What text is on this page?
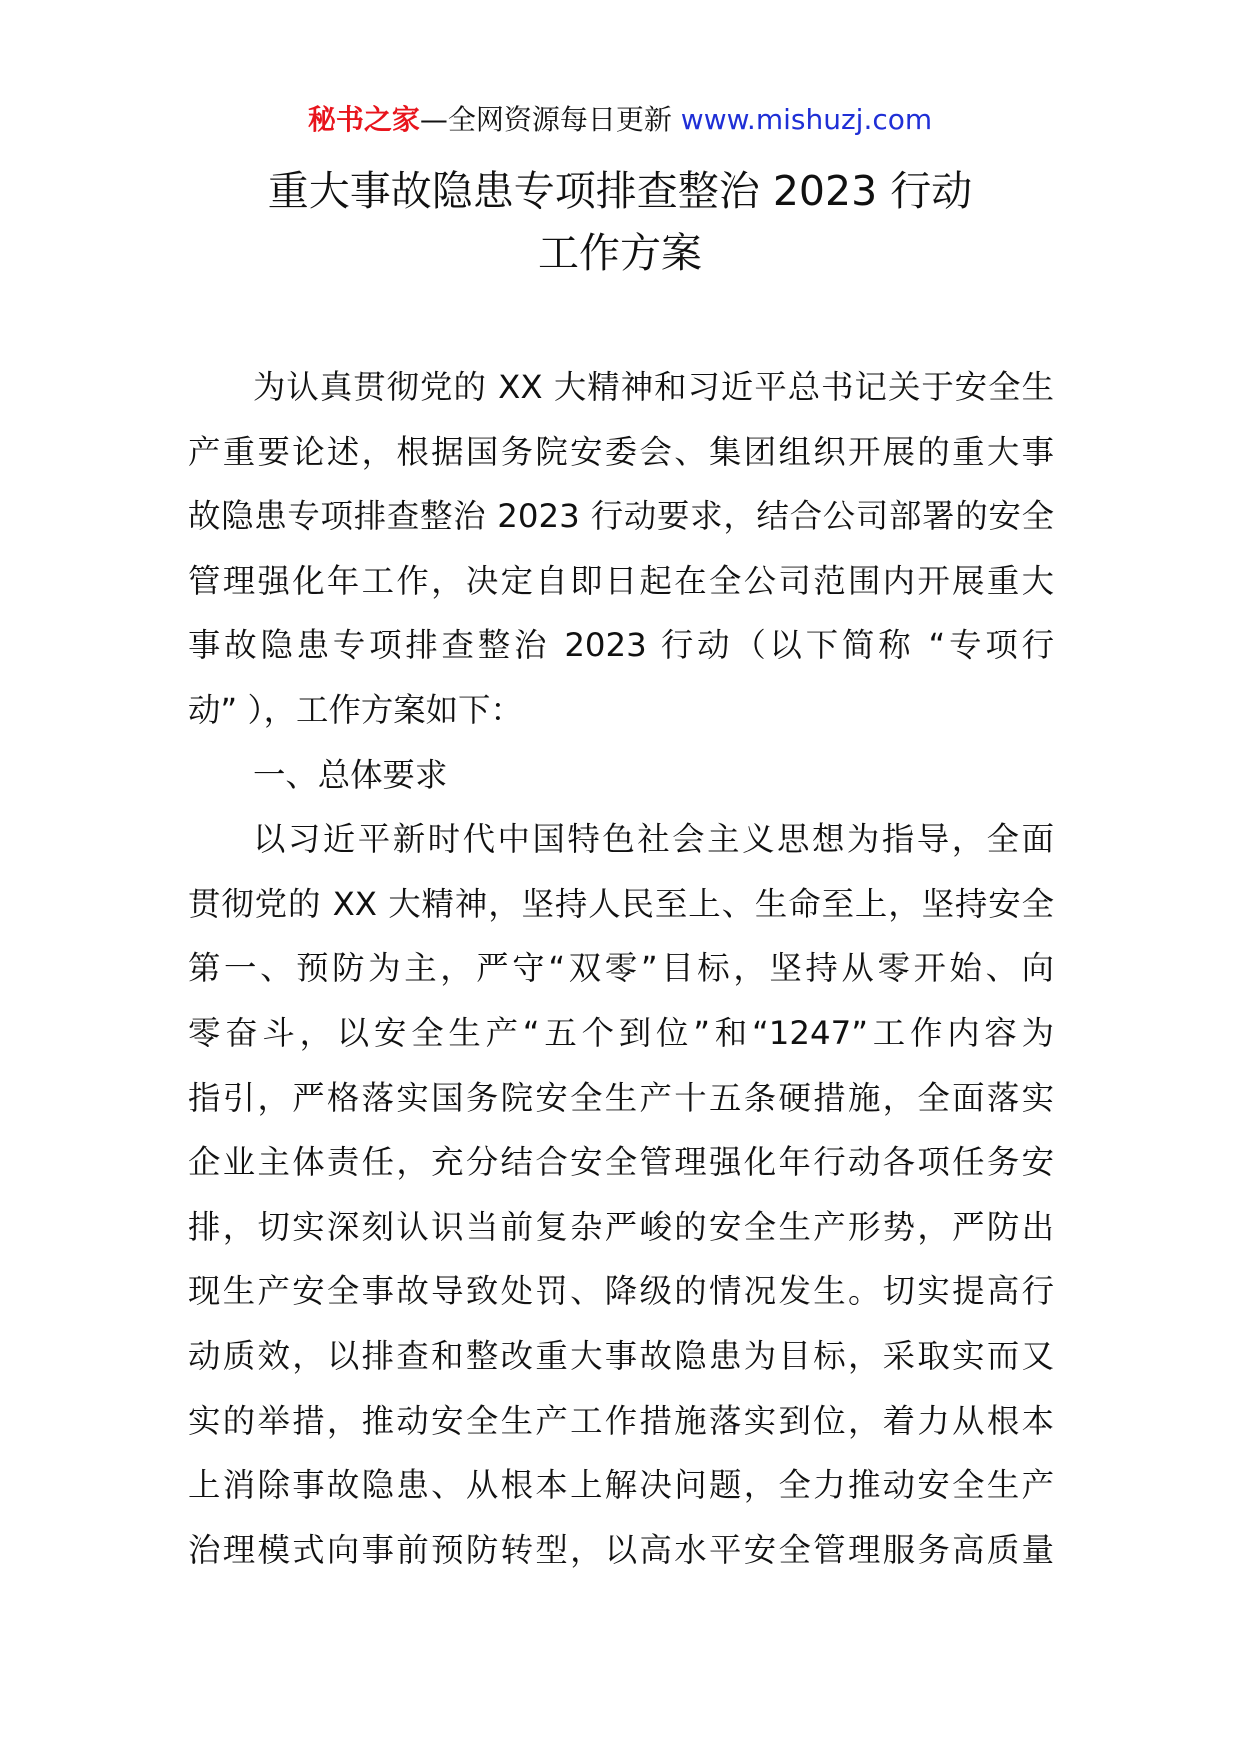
秘书之家—全网资源每日更新 www.mishuzj.com
重大事故隐患专项排查整治 2023 行动
工作方案
为认真贯彻党的 XX 大精神和习近平总书记关于安全生
产重要论述，根据国务院安委会、集团组织开展的重大事
故隐患专项排查整治 2023 行动要求，结合公司部署的安全
管理强化年工作，决定自即日起在全公司范围内开展重大
事故隐患专项排查整治 2023 行动（以下简称 “专项行
动” ），工作方案如下：
一、总体要求
以习近平新时代中国特色社会主义思想为指导，全面
贯彻党的 XX 大精神，坚持人民至上、生命至上，坚持安全
第一、预防为主，严守“双零”目标，坚持从零开始、向
零奋斗，以安全生产“五个到位”和“1247”工作内容为
指引，严格落实国务院安全生产十五条硬措施，全面落实
企业主体责任，充分结合安全管理强化年行动各项任务安
排，切实深刻认识当前复杂严峻的安全生产形势，严防出
现生产安全事故导致处罚、降级的情况发生。切实提高行
动质效，以排查和整改重大事故隐患为目标，采取实而又
实的举措，推动安全生产工作措施落实到位，着力从根本
上消除事故隐患、从根本上解决问题，全力推动安全生产
治理模式向事前预防转型，以高水平安全管理服务高质量
